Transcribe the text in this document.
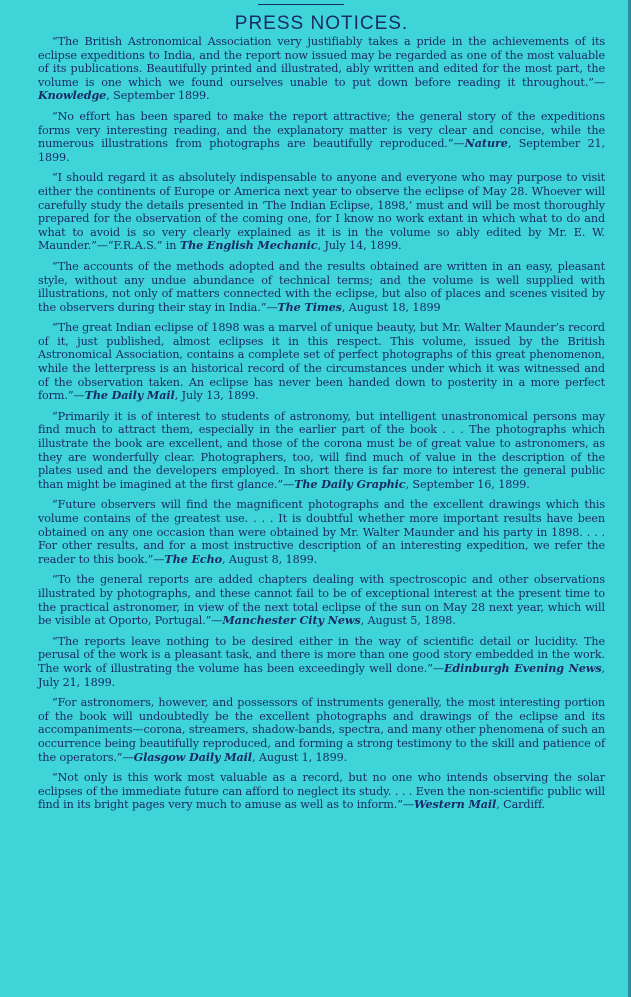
PRESS NOTICES.

“The British Astronomical Association very justifiably takes a pride in the achievements of its eclipse expeditions to India, and the report now issued may be regarded as one of the most valuable of its publications. Beautifully printed and illustrated, ably written and edited for the most part, the volume is one which we found ourselves unable to put down before reading it throughout.”—Knowledge, September 1899.

“No effort has been spared to make the report attractive; the general story of the expeditions forms very interesting reading, and the explanatory matter is very clear and concise, while the numerous illustrations from photographs are beautifully reproduced.”—Nature, September 21, 1899.

“I should regard it as absolutely indispensable to anyone and everyone who may purpose to visit either the continents of Europe or America next year to observe the eclipse of May 28. Whoever will carefully study the details presented in ‘The Indian Eclipse, 1898,’ must and will be most thoroughly prepared for the observation of the coming one, for I know no work extant in which what to do and what to avoid is so very clearly explained as it is in the volume so ably edited by Mr. E. W. Maunder.”—“F.R.A.S.” in The English Mechanic, July 14, 1899.

“The accounts of the methods adopted and the results obtained are written in an easy, pleasant style, without any undue abundance of technical terms; and the volume is well supplied with illustrations, not only of matters connected with the eclipse, but also of places and scenes visited by the observers during their stay in India.”—The Times, August 18, 1899

“The great Indian eclipse of 1898 was a marvel of unique beauty, but Mr. Walter Maunder’s record of it, just published, almost eclipses it in this respect. This volume, issued by the British Astronomical Association, contains a complete set of perfect photographs of this great phenomenon, while the letterpress is an historical record of the circumstances under which it was witnessed and of the observation taken. An eclipse has never been handed down to posterity in a more perfect form.”—The Daily Mail, July 13, 1899.

“Primarily it is of interest to students of astronomy, but intelligent unastronomical persons may find much to attract them, especially in the earlier part of the book . . . The photographs which illustrate the book are excellent, and those of the corona must be of great value to astronomers, as they are wonderfully clear. Photographers, too, will find much of value in the description of the plates used and the developers employed. In short there is far more to interest the general public than might be imagined at the first glance.”—The Daily Graphic, September 16, 1899.

“Future observers will find the magnificent photographs and the excellent drawings which this volume contains of the greatest use. . . . It is doubtful whether more important results have been obtained on any one occasion than were obtained by Mr. Walter Maunder and his party in 1898. . . . For other results, and for a most instructive description of an interesting expedition, we refer the reader to this book.”—The Echo, August 8, 1899.

“To the general reports are added chapters dealing with spectroscopic and other observations illustrated by photographs, and these cannot fail to be of exceptional interest at the present time to the practical astronomer, in view of the next total eclipse of the sun on May 28 next year, which will be visible at Oporto, Portugal.”—Manchester City News, August 5, 1898.

“The reports leave nothing to be desired either in the way of scientific detail or lucidity. The perusal of the work is a pleasant task, and there is more than one good story embedded in the work. The work of illustrating the volume has been exceedingly well done.”—Edinburgh Evening News, July 21, 1899.

“For astronomers, however, and possessors of instruments generally, the most interesting portion of the book will undoubtedly be the excellent photographs and drawings of the eclipse and its accompaniments—corona, streamers, shadow-bands, spectra, and many other phenomena of such an occurrence being beautifully reproduced, and forming a strong testimony to the skill and patience of the operators.”—Glasgow Daily Mail, August 1, 1899.

“Not only is this work most valuable as a record, but no one who intends observing the solar eclipses of the immediate future can afford to neglect its study. . . . Even the non-scientific public will find in its bright pages very much to amuse as well as to inform.”—Western Mail, Cardiff.
